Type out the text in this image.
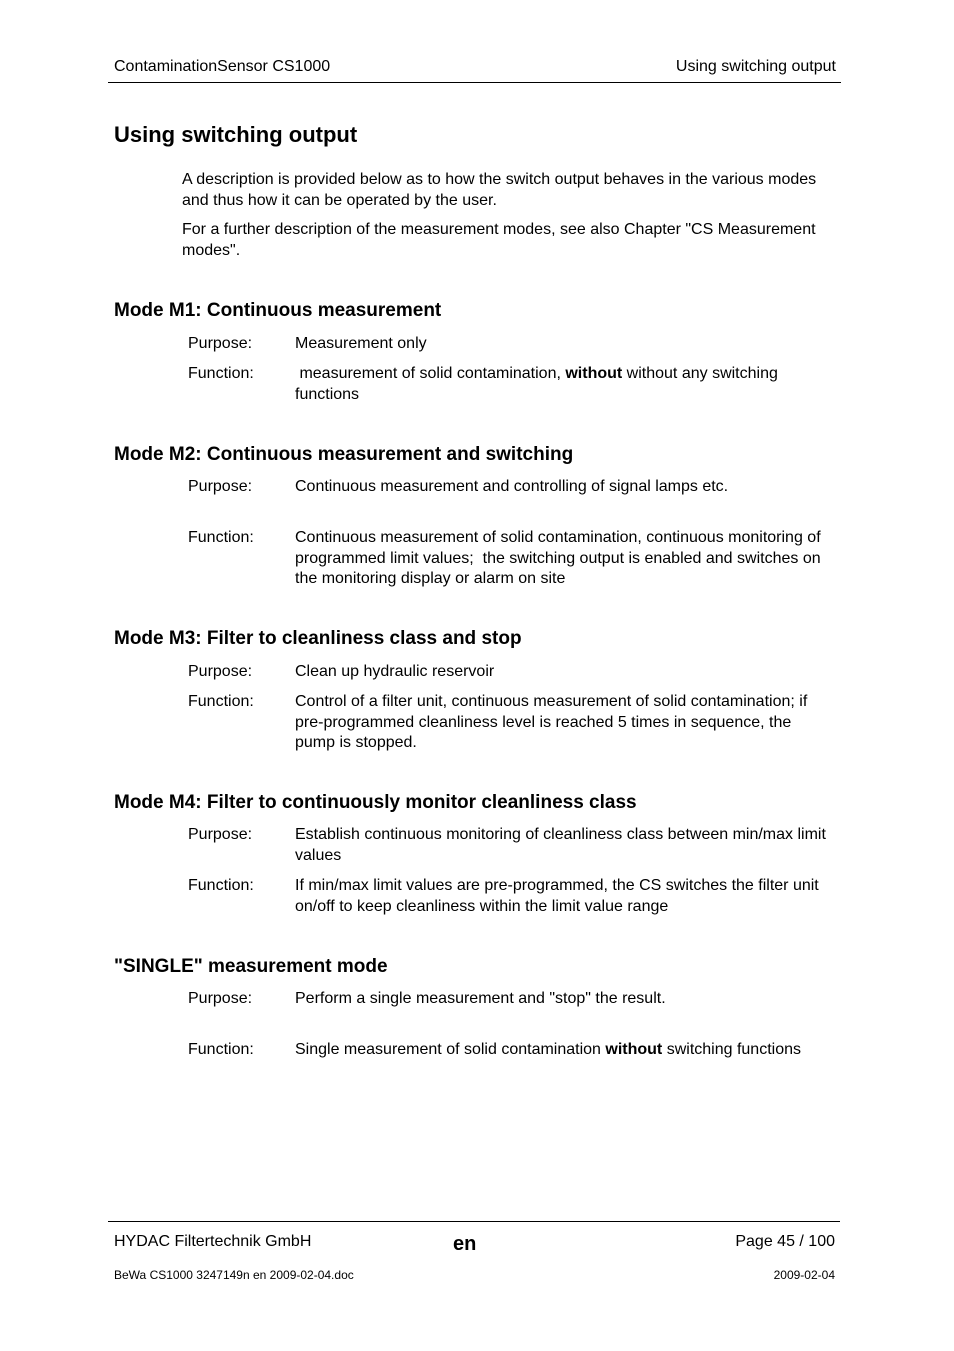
ContaminationSensor CS1000	Using switching output
Using switching output

A description is provided below as to how the switch output behaves in the various modes and thus how it can be operated by the user.

For a further description of the measurement modes, see also Chapter "CS Measurement modes".

Mode M1: Continuous measurement
Purpose:	Measurement only
Function:	measurement of solid contamination, without without any switching functions
Mode M2: Continuous measurement and switching
Purpose:	Continuous measurement and controlling of signal lamps etc.
Function:	Continuous measurement of solid contamination, continuous monitoring of programmed limit values;  the switching output is enabled and switches on the monitoring display or alarm on site
Mode M3: Filter to cleanliness class and stop
Purpose:	Clean up hydraulic reservoir
Function:	Control of a filter unit, continuous measurement of solid contamination; if pre-programmed cleanliness level is reached 5 times in sequence, the pump is stopped.
Mode M4: Filter to continuously monitor cleanliness class
Purpose:	Establish continuous monitoring of cleanliness class between min/max limit values
Function:	If min/max limit values are pre-programmed, the CS switches the filter unit on/off to keep cleanliness within the limit value range
"SINGLE" measurement mode
Purpose:	Perform a single measurement and "stop" the result.
Function:	Single measurement of solid contamination without switching functions
HYDAC Filtertechnik GmbH	en	Page 45 / 100
BeWa CS1000 3247149n en 2009-02-04.doc	2009-02-04
